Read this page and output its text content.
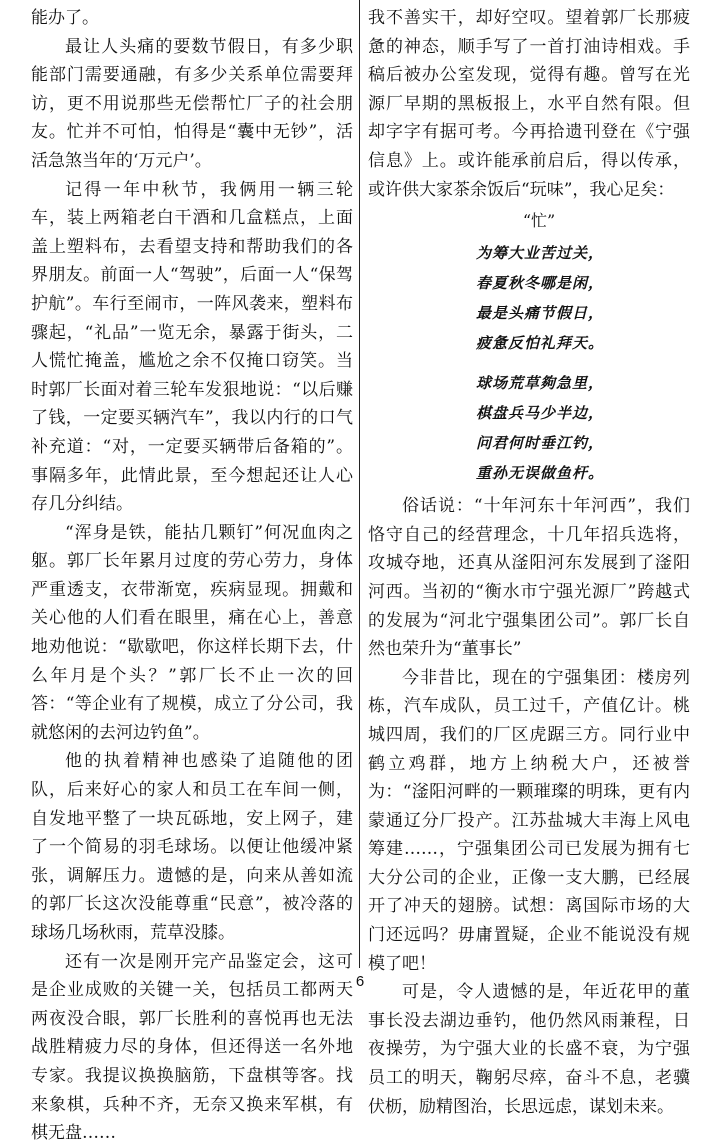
能办了。

最让人头痛的要数节假日，有多少职能部门需要通融，有多少关系单位需要拜访，更不用说那些无偿帮忙厂子的社会朋友。忙并不可怕，怕得是“囊中无钞”，活活急煞当年的‘万元户’。

记得一年中秋节，我俩用一辆三轮车，装上两箱老白干酒和几盒糕点，上面盖上塑料布，去看望支持和帮助我们的各界朋友。前面一人“驾驶”，后面一人“保驾护航”。车行至闹市，一阵风袭来，塑料布骤起，“礼品”一览无余，暴露于街头，二人慌忙掩盖，尴尬之余不仅掩口窃笑。当时郭厂长面对着三轮车发狠地说：“以后赚了钱，一定要买辆汽车”，我以内行的口气补充道：“对，一定要买辆带后备箱的”。事隔多年，此情此景，至今想起还让人心存几分纠结。

“浑身是铁，能拈几颗钉”何况血肉之躯。郭厂长年累月过度的劳心劳力，身体严重透支，衣带渐宽，疾病显现。拥戴和关心他的人们看在眼里，痛在心上，善意地劝他说：“歇歇吧，你这样长期下去，什么年月是个头？”郭厂长不止一次的回答：“等企业有了规模，成立了分公司，我就悠闲的去河边钓鱼”。

他的执着精神也感染了追随他的团队，后来好心的家人和员工在车间一侧，自发地平整了一块瓦砾地，安上网子，建了一个简易的羽毛球场。以便让他缓冲紧张，调解压力。遗憾的是，向来从善如流的郭厂长这次没能尊重“民意”，被冷落的球场几场秋雨，荒草没膝。

还有一次是刚开完产品鉴定会，这可是企业成败的关键一关，包括员工都两天两夜没合眼，郭厂长胜利的喜悦再也无法战胜精疲力尽的身体，但还得送一名外地专家。我提议换换脑筋，下盘棋等客。找来象棋，兵种不齐，无奈又换来军棋，有棋无盘……

我不善实干，却好空叹。望着郭厂长那疲惫的神态，顺手写了一首打油诗相戏。手稿后被办公室发现，觉得有趣。曾写在光源厂早期的黑板报上，水平自然有限。但却字字有据可考。今再拾遗刊登在《宁强信息》上。或许能承前启后，得以传承，或许供大家茶余饭后“玩味”，我心足矣：

“忙”
为筹大业苦过关，
春夏秋冬哪是闲，
最是头痛节假日，
疲惫反怕礼拜天。
球场荒草夠急里，
棋盘兵马少半边，
问君何时垂江钓，
重孙无误做鱼杆。

俗话说：“十年河东十年河西”，我们恪守自己的经营理念，十几年招兵选将，攻城夺地，还真从滏阳河东发展到了滏阳河西。当初的“衡水市宁强光源厂”跨越式的发展为“河北宁强集团公司”。郭厂长自然也荣升为“董事长”

今非昔比，现在的宁强集团：楼房列栋，汽车成队，员工过千，产值亿计。桃城四周，我们的厂区虎踞三方。同行业中鹤立鸡群，地方上纳税大户，还被誉为：“滏阳河畔的一颗璀璨的明珠，更有内蒙通辽分厂投产。江苏盐城大丰海上风电筹建……，宁强集团公司已发展为拥有七大分公司的企业，正像一支大鹏，已经展开了冲天的翅膀。试想：离国际市场的大门还远吗？毋庸置疑，企业不能说没有规模了吧！

可是，令人遗憾的是，年近花甲的董事长没去湖边垂钓，他仍然风雨兼程，日夜操劳，为宁强大业的长盛不衰，为宁强员工的明天，鞠躬尽瘁，奋斗不息，老骥伏枥，励精图治，长思远虑，谋划未来。

6
